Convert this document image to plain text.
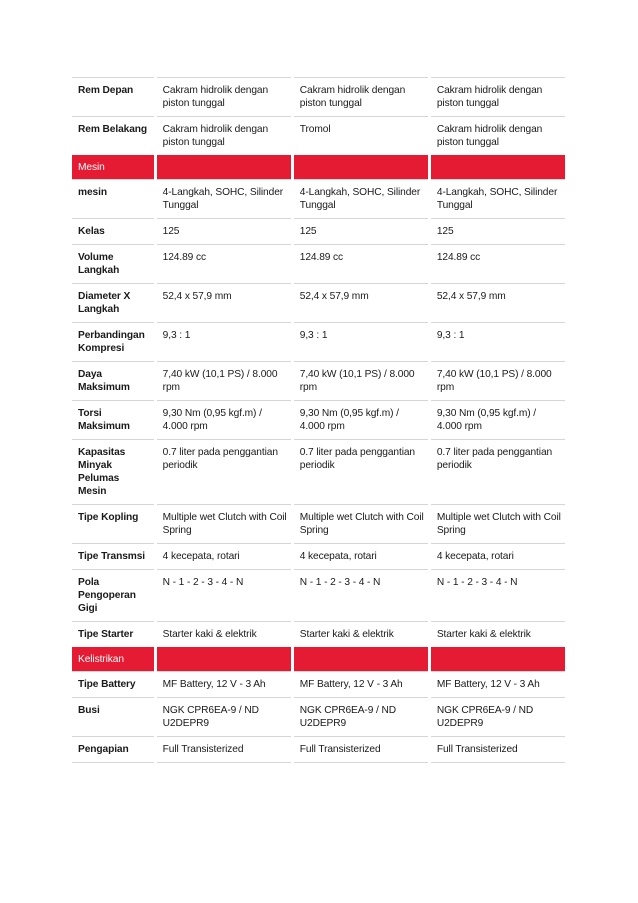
Rem Depan	Cakram hidrolik dengan piston tunggal	Cakram hidrolik dengan piston tunggal	Cakram hidrolik dengan piston tunggal
Rem Belakang	Cakram hidrolik dengan piston tunggal	Tromol	Cakram hidrolik dengan piston tunggal
Mesin			
mesin	4-Langkah, SOHC, Silinder Tunggal	4-Langkah, SOHC, Silinder Tunggal	4-Langkah, SOHC, Silinder Tunggal
Kelas	125	125	125
Volume Langkah	124.89 cc	124.89 cc	124.89 cc
Diameter X Langkah	52,4 x 57,9 mm	52,4 x 57,9 mm	52,4 x 57,9 mm
Perbandingan Kompresi	9,3 : 1	9,3 : 1	9,3 : 1
Daya Maksimum	7,40 kW (10,1 PS) / 8.000 rpm	7,40 kW (10,1 PS) / 8.000 rpm	7,40 kW (10,1 PS) / 8.000 rpm
Torsi Maksimum	9,30 Nm (0,95 kgf.m) / 4.000 rpm	9,30 Nm (0,95 kgf.m) / 4.000 rpm	9,30 Nm (0,95 kgf.m) / 4.000 rpm
Kapasitas Minyak Pelumas Mesin	0.7 liter pada penggantian periodik	0.7 liter pada penggantian periodik	0.7 liter pada penggantian periodik
Tipe Kopling	Multiple wet Clutch with Coil Spring	Multiple wet Clutch with Coil Spring	Multiple wet Clutch with Coil Spring
Tipe Transmsi	4 kecepata, rotari	4 kecepata, rotari	4 kecepata, rotari
Pola Pengoperan Gigi	N - 1 - 2 - 3 - 4 - N	N - 1 - 2 - 3 - 4 - N	N - 1 - 2 - 3 - 4 - N
Tipe Starter	Starter kaki & elektrik	Starter kaki & elektrik	Starter kaki & elektrik
Kelistrikan			
Tipe Battery	MF Battery, 12 V - 3 Ah	MF Battery, 12 V - 3 Ah	MF Battery, 12 V - 3 Ah
Busi	NGK CPR6EA-9 / ND U2DEPR9	NGK CPR6EA-9 / ND U2DEPR9	NGK CPR6EA-9 / ND U2DEPR9
Pengapian	Full Transisterized	Full Transisterized	Full Transisterized
